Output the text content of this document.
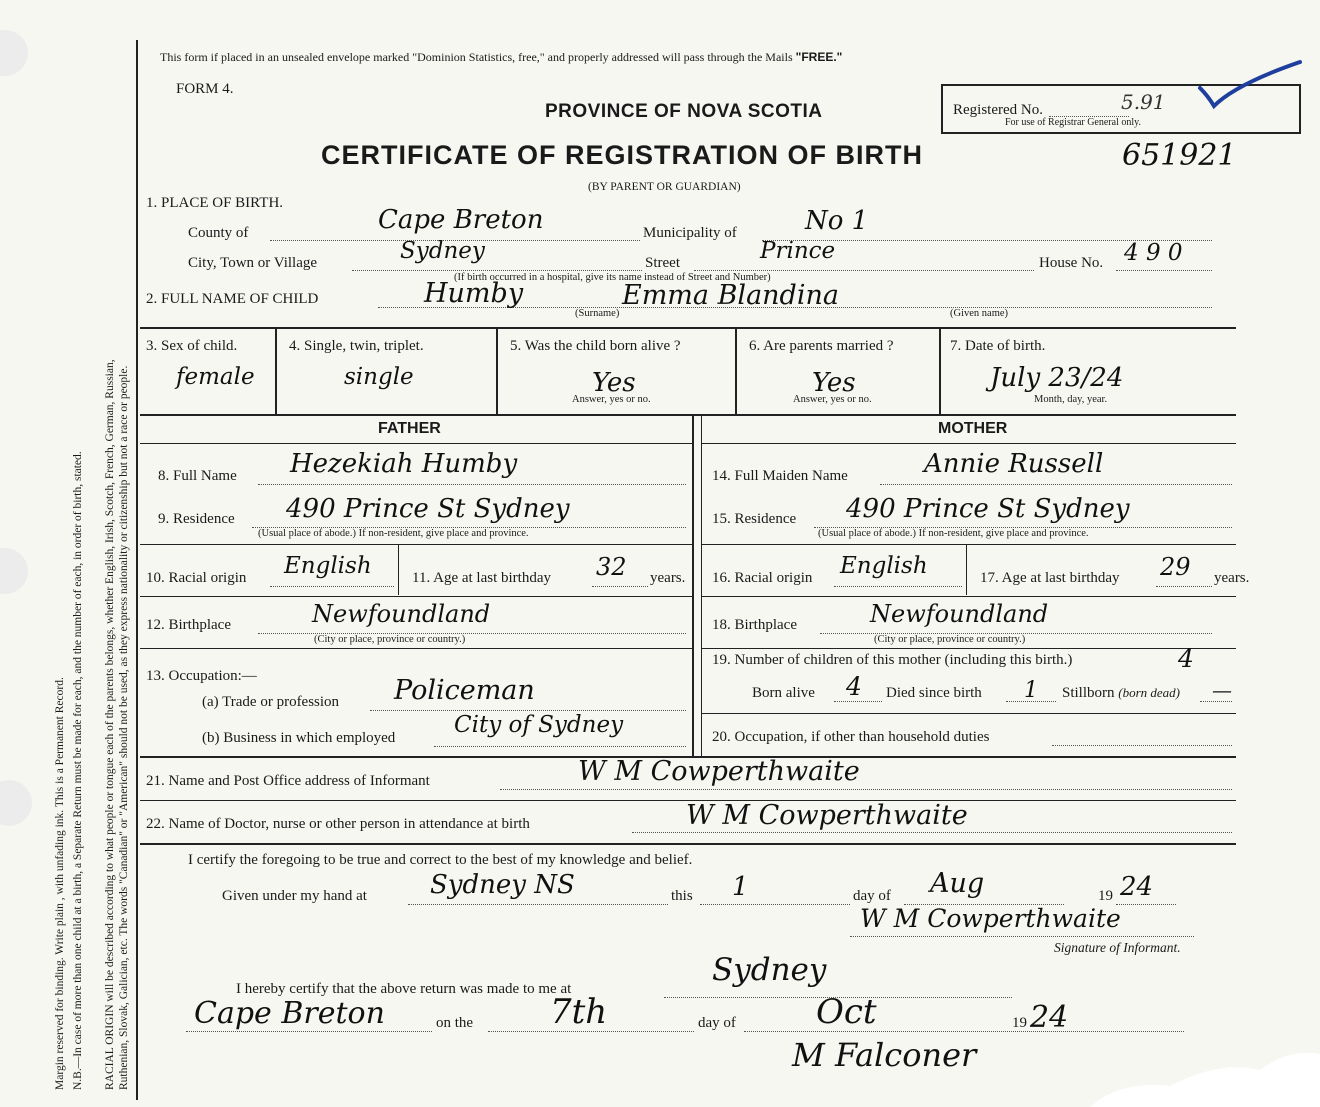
Margin reserved for binding. Write plain , with unfading ink. This is a Permanent Record. N.B.—In case of more than one child at a birth, a Separate Return must be made for each, and the number of each, in order of birth, stated. RACIAL ORIGIN will be described according to what people or tongue each of the parents belongs, whether English, Irish, Scotch, French, German, Russian, Ruthenian, Slovak, Galician, etc. The words "Canadian" or "American" should not be used, as they express nationality or citizenship but not a race or people.
This form if placed in an unsealed envelope marked "Dominion Statistics, free," and properly addressed will pass through the Mails "FREE."
FORM 4.
PROVINCE OF NOVA SCOTIA	Registered No.	5.91
For use of Registrar General only.
CERTIFICATE OF REGISTRATION OF BIRTH	651921
(BY PARENT OR GUARDIAN)
1. PLACE OF BIRTH.
County of	Cape Breton	Municipality of	No 1
City, Town or Village	Sydney	Street	Prince	House No. 4 9 0
(If birth occurred in a hospital, give its name instead of Street and Number)
2. FULL NAME OF CHILD	Humby	Emma Blandina
(Surname)	(Given name)
3. Sex of child.
female
4. Single, twin, triplet.
single
5. Was the child born alive ?
Yes
Answer, yes or no.
6. Are parents married ?
Yes
Answer, yes or no.
7. Date of birth.
July 23/24
Month, day, year.
FATHER	MOTHER
8. Full Name Hezekiah Humby	14. Full Maiden Name	Annie Russell
9. Residence 490 Prince St Sydney
(Usual place of abode.) If non-resident, give place and province.
15. Residence 490 Prince St Sydney
(Usual place of abode.) If non-resident, give place and province.
10. Racial origin English	11. Age at last birthday 32 years. 16. Racial origin English	17. Age at last birthday 29 years.
12. Birthplace	Newfoundland
(City or place, province or country.)
18. Birthplace	Newfoundland
(City or place, province or country.)
13. Occupation:—
(a) Trade or profession Policeman
(b) Business in which employed	City of Sydney
19. Number of children of this mother (including this birth.)	4
Born alive 4 Died since birth 1 Stillborn (born dead) —
20. Occupation, if other than household duties
21. Name and Post Office address of Informant	W M Cowperthwaite
22. Name of Doctor, nurse or other person in attendance at birth	W M Cowperthwaite
I certify the foregoing to be true and correct to the best of my knowledge and belief.
Given under my hand at Sydney NS	this 1	day of Aug	19 24
W M Cowperthwaite
Signature of Informant.
I hereby certify that the above return was made to me at
Sydney
Cape Breton	on the 7th	day of Oct	19 24
M Falconer
